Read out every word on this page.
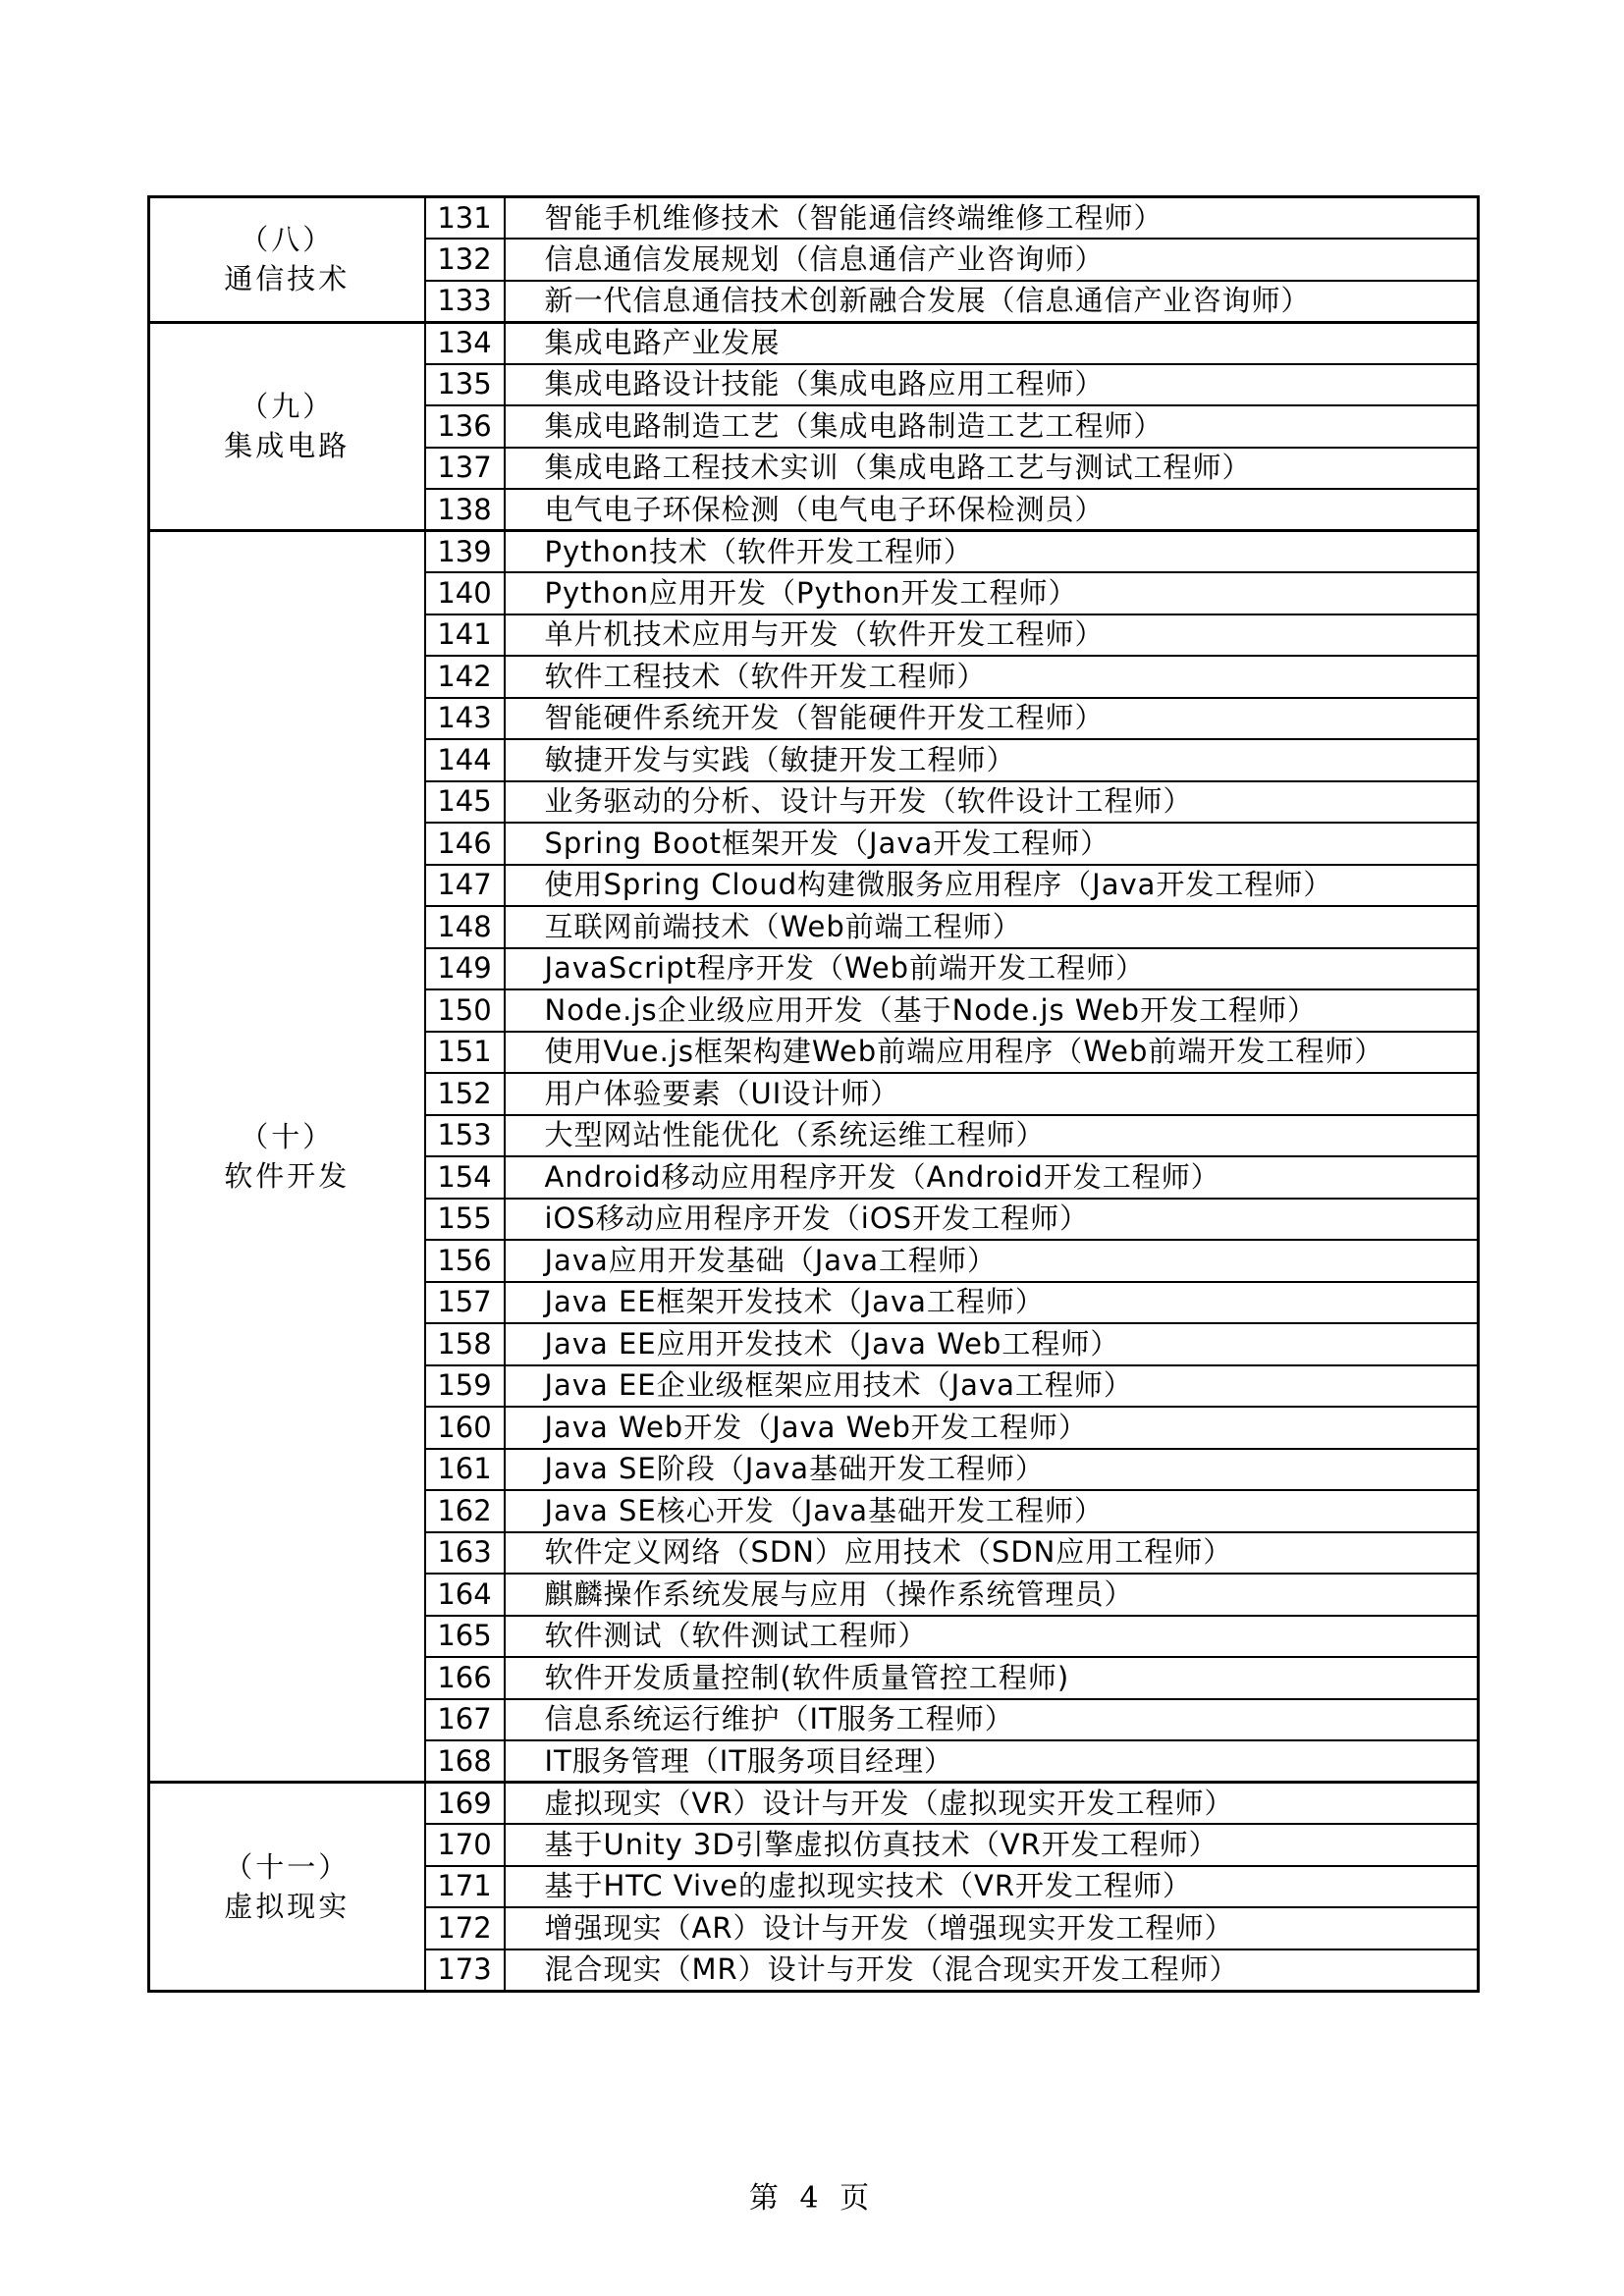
（八）
通信技术	131	智能手机维修技术（智能通信终端维修工程师）
	132	信息通信发展规划（信息通信产业咨询师）
	133	新一代信息通信技术创新融合发展（信息通信产业咨询师）

（九）
集成电路	134	集成电路产业发展
	135	集成电路设计技能（集成电路应用工程师）
	136	集成电路制造工艺（集成电路制造工艺工程师）
	137	集成电路工程技术实训（集成电路工艺与测试工程师）
	138	电气电子环保检测（电气电子环保检测员）

（十）
软件开发	139	Python技术（软件开发工程师）
	140	Python应用开发（Python开发工程师）
	141	单片机技术应用与开发（软件开发工程师）
	142	软件工程技术（软件开发工程师）
	143	智能硬件系统开发（智能硬件开发工程师）
	144	敏捷开发与实践（敏捷开发工程师）
	145	业务驱动的分析、设计与开发（软件设计工程师）
	146	Spring Boot框架开发（Java开发工程师）
	147	使用Spring Cloud构建微服务应用程序（Java开发工程师）
	148	互联网前端技术（Web前端工程师）
	149	JavaScript程序开发（Web前端开发工程师）
	150	Node.js企业级应用开发（基于Node.js Web开发工程师）
	151	使用Vue.js框架构建Web前端应用程序（Web前端开发工程师）
	152	用户体验要素（UI设计师）
	153	大型网站性能优化（系统运维工程师）
	154	Android移动应用程序开发（Android开发工程师）
	155	iOS移动应用程序开发（iOS开发工程师）
	156	Java应用开发基础（Java工程师）
	157	Java EE框架开发技术（Java工程师）
	158	Java EE应用开发技术（Java Web工程师）
	159	Java EE企业级框架应用技术（Java工程师）
	160	Java Web开发（Java Web开发工程师）
	161	Java SE阶段（Java基础开发工程师）
	162	Java SE核心开发（Java基础开发工程师）
	163	软件定义网络（SDN）应用技术（SDN应用工程师）
	164	麒麟操作系统发展与应用（操作系统管理员）
	165	软件测试（软件测试工程师）
	166	软件开发质量控制(软件质量管控工程师)
	167	信息系统运行维护（IT服务工程师）
	168	IT服务管理（IT服务项目经理）

（十一）
虚拟现实	169	虚拟现实（VR）设计与开发（虚拟现实开发工程师）
	170	基于Unity 3D引擎虚拟仿真技术（VR开发工程师）
	171	基于HTC Vive的虚拟现实技术（VR开发工程师）
	172	增强现实（AR）设计与开发（增强现实开发工程师）
	173	混合现实（MR）设计与开发（混合现实开发工程师）
第 4 页
